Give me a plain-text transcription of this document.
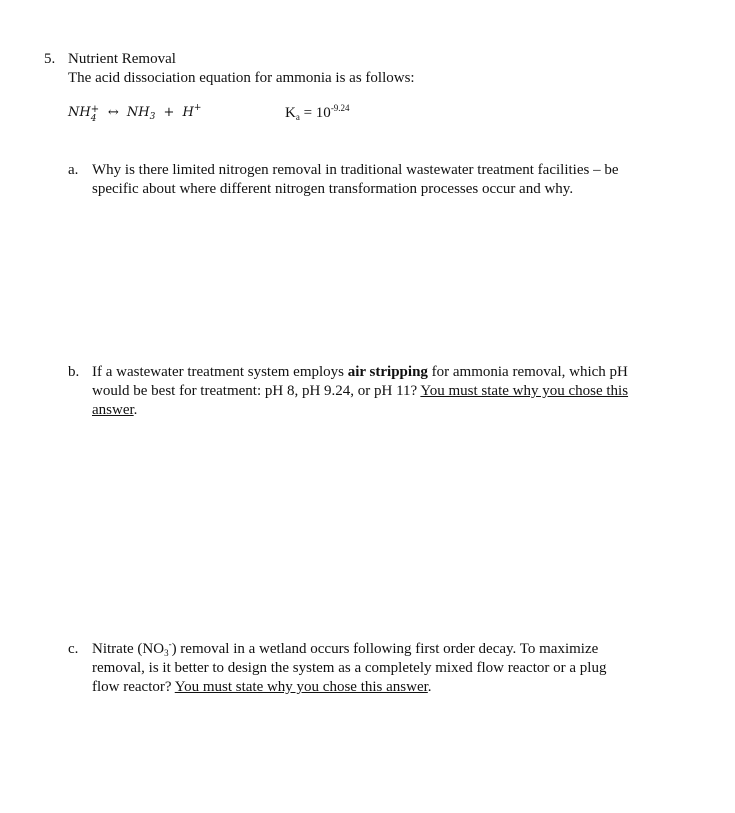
5. Nutrient Removal
The acid dissociation equation for ammonia is as follows:
NH +
4 ↔ $NH_3 + H^+$	$K_a = 10^{-9.24}$
a. Why is there limited nitrogen removal in traditional wastewater treatment facilities – be
specific about where different nitrogen transformation processes occur and why.
b. If a wastewater treatment system employs air stripping for ammonia removal, which pH
would be best for treatment: pH 8, pH 9.24, or pH 11? You must state why you chose this
answer.
c. Nitrate $(NO_3^-)$ removal in a wetland occurs following first order decay. To maximize
removal, is it better to design the system as a completely mixed flow reactor or a plug
flow reactor? You must state why you chose this answer.
